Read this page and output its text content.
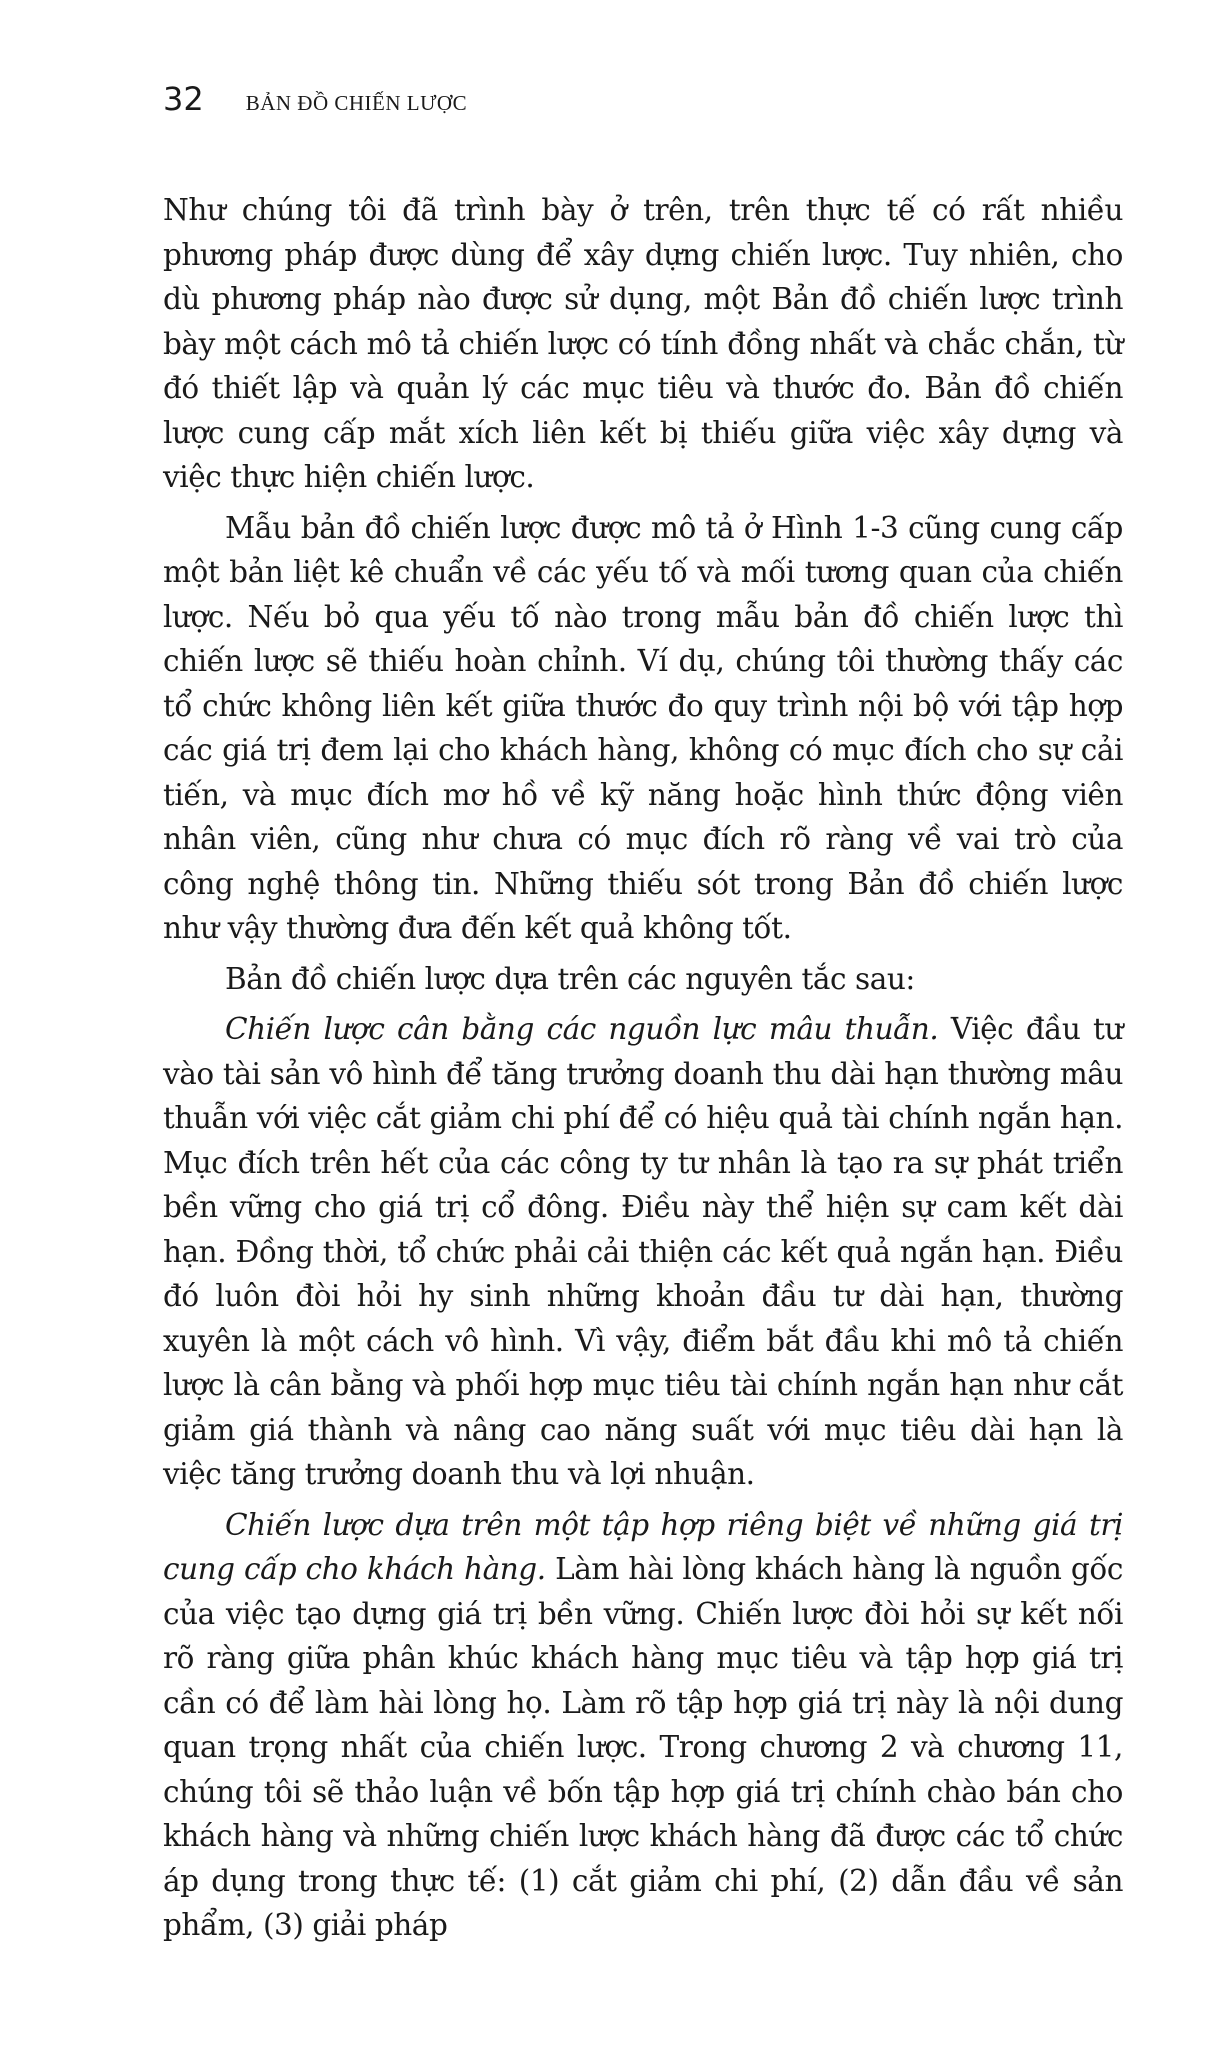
32 BẢN ĐỒ CHIẾN LƯỢC

Như chúng tôi đã trình bày ở trên, trên thực tế có rất nhiều phương pháp được dùng để xây dựng chiến lược. Tuy nhiên, cho dù phương pháp nào được sử dụng, một Bản đồ chiến lược trình bày một cách mô tả chiến lược có tính đồng nhất và chắc chắn, từ đó thiết lập và quản lý các mục tiêu và thước đo. Bản đồ chiến lược cung cấp mắt xích liên kết bị thiếu giữa việc xây dựng và việc thực hiện chiến lược.

Mẫu bản đồ chiến lược được mô tả ở Hình 1-3 cũng cung cấp một bản liệt kê chuẩn về các yếu tố và mối tương quan của chiến lược. Nếu bỏ qua yếu tố nào trong mẫu bản đồ chiến lược thì chiến lược sẽ thiếu hoàn chỉnh. Ví dụ, chúng tôi thường thấy các tổ chức không liên kết giữa thước đo quy trình nội bộ với tập hợp các giá trị đem lại cho khách hàng, không có mục đích cho sự cải tiến, và mục đích mơ hồ về kỹ năng hoặc hình thức động viên nhân viên, cũng như chưa có mục đích rõ ràng về vai trò của công nghệ thông tin. Những thiếu sót trong Bản đồ chiến lược như vậy thường đưa đến kết quả không tốt.

Bản đồ chiến lược dựa trên các nguyên tắc sau:

Chiến lược cân bằng các nguồn lực mâu thuẫn. Việc đầu tư vào tài sản vô hình để tăng trưởng doanh thu dài hạn thường mâu thuẫn với việc cắt giảm chi phí để có hiệu quả tài chính ngắn hạn. Mục đích trên hết của các công ty tư nhân là tạo ra sự phát triển bền vững cho giá trị cổ đông. Điều này thể hiện sự cam kết dài hạn. Đồng thời, tổ chức phải cải thiện các kết quả ngắn hạn. Điều đó luôn đòi hỏi hy sinh những khoản đầu tư dài hạn, thường xuyên là một cách vô hình. Vì vậy, điểm bắt đầu khi mô tả chiến lược là cân bằng và phối hợp mục tiêu tài chính ngắn hạn như cắt giảm giá thành và nâng cao năng suất với mục tiêu dài hạn là việc tăng trưởng doanh thu và lợi nhuận.

Chiến lược dựa trên một tập hợp riêng biệt về những giá trị cung cấp cho khách hàng. Làm hài lòng khách hàng là nguồn gốc của việc tạo dựng giá trị bền vững. Chiến lược đòi hỏi sự kết nối rõ ràng giữa phân khúc khách hàng mục tiêu và tập hợp giá trị cần có để làm hài lòng họ. Làm rõ tập hợp giá trị này là nội dung quan trọng nhất của chiến lược. Trong chương 2 và chương 11, chúng tôi sẽ thảo luận về bốn tập hợp giá trị chính chào bán cho khách hàng và những chiến lược khách hàng đã được các tổ chức áp dụng trong thực tế: (1) cắt giảm chi phí, (2) dẫn đầu về sản phẩm, (3) giải pháp
